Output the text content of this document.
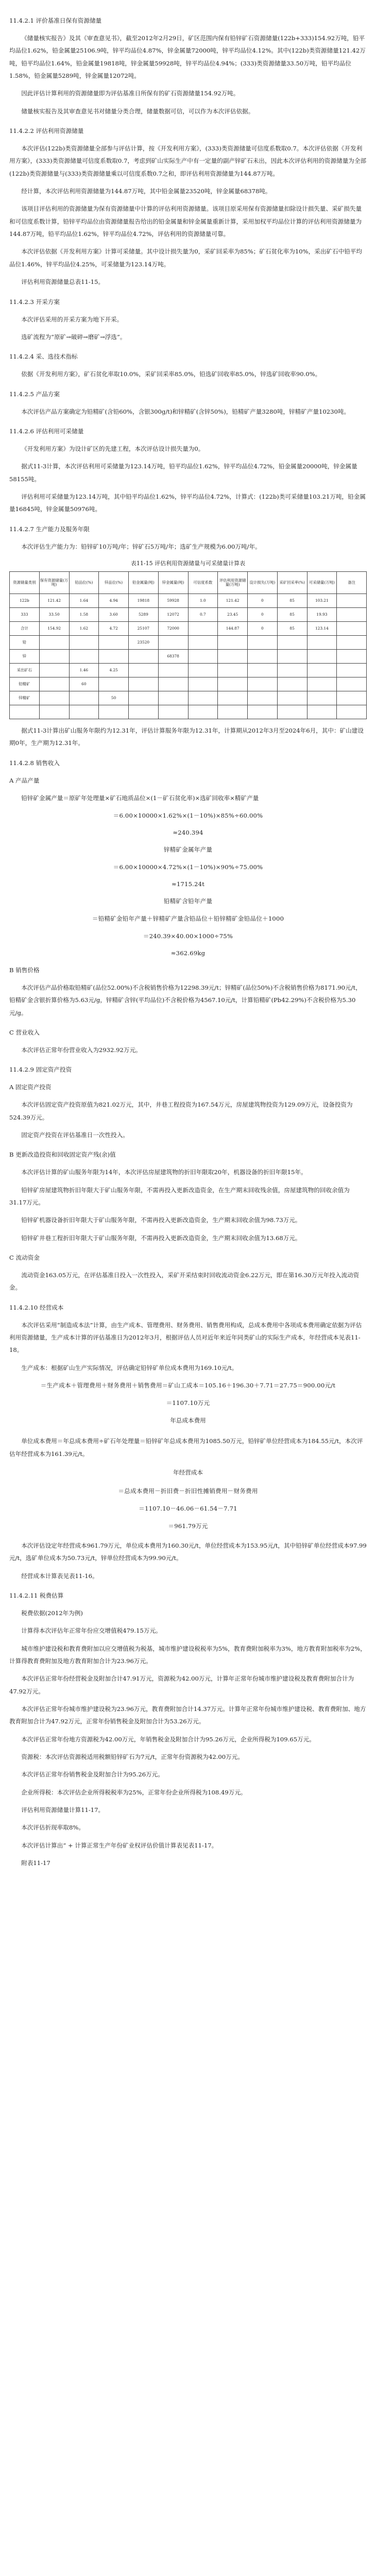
11.4.2.1 评价基准日保有资源储量

《储量核实报告》及其《审查意见书》，截至2012年2月29日，矿区范围内保有铅锌矿石资源储量(122b+333)154.92万吨，铅平均品位1.62%，铅金属量25106.9吨，锌平均品位4.87%，锌金属量72000吨，锌平均品位4.12%。其中(122b)类资源储量121.42万吨，铅平均品位1.64%，铅金属量19818吨，锌金属量59928吨，锌平均品位4.94%；(333)类资源储量33.50万吨，铅平均品位1.58%，铅金属量5289吨，锌金属量12072吨。

因此评估计算利用的资源储量即为评估基准日所保有的矿石资源储量154.92万吨。

储量核实报告及其审查意见书对储量分类合理，储量数据可信，可以作为本次评估依据。

11.4.2.2 评估利用资源储量

本次评估(122b)类资源储量全部参与评估计算，按《开发利用方案》，(333)类资源储量可信度系数取0.7。本次评估依据《开发利用方案》，(333)类资源储量可信度系数取0.7，考虑到矿山实际生产中有一定量的副产锌矿石未出，因此本次评估利用的资源储量为全部(122b)类资源储量与(333)类资源储量乘以可信度系数0.7之和，即评估利用资源储量为144.87万吨。

经计算，本次评估利用资源储量为144.87万吨，其中铅金属量23520吨，锌金属量68378吨。

该项目评估利用的资源储量为保有资源储量中计算的评估利用资源储量。该项目原采用保有资源储量扣除设计损失量、采矿损失量和可信度系数计算，铅锌平均品位由资源储量报告给出的铅金属量和锌金属量重新计算，采用加权平均品位计算的评估利用资源储量为144.87万吨，铅平均品位1.62%，锌平均品位4.72%，评估利用的资源储量可靠。

本次评估依据《开发利用方案》计算可采储量。其中设计损失量为0，采矿回采率为85%；矿石贫化率为10%，采出矿石中铅平均品位1.46%，锌平均品位4.25%，可采储量为123.14万吨。

评估利用资源储量总表11-15。

11.4.2.3 开采方案

本次评估采用的开采方案为地下开采。

选矿流程为“原矿→破碎→磨矿→浮选”。

11.4.2.4 采、选技术指标

依据《开发利用方案》，矿石贫化率取10.0%，采矿回采率85.0%，铅选矿回收率85.0%，锌选矿回收率90.0%。

11.4.2.5 产品方案

本次评估产品方案确定为铅精矿(含铅60%，含银300g/t)和锌精矿(含锌50%)，铅精矿产量3280吨，锌精矿产量10230吨。

11.4.2.6 评估利用可采储量

《开发利用方案》为设计矿区的先建工程，本次评估设计损失量为0。

据式11-3计算，本次评估利用可采储量为123.14万吨，铅平均品位1.62%，锌平均品位4.72%，铅金属量20000吨，锌金属量58155吨。

评估利用可采储量为123.14万吨，其中铅平均品位1.62%，锌平均品位4.72%，计算式：(122b)类可采储量103.21万吨，铅金属量16845吨，锌金属量50976吨。

11.4.2.7 生产能力及服务年限

本次评估生产能力为：铅锌矿10万吨/年；锌矿石5万吨/年；选矿生产规模为6.00万吨/年。

表11-15 评估利用资源储量与可采储量计算表
资源储量类别	保有资源储量(万吨)	铅品位(%)	锌品位(%)	铅金属量(吨)	锌金属量(吨)	可信度系数	评估利用资源储量(万吨)	设计损失(万吨)	采矿回采率(%)	可采储量(万吨)	备注
122b	121.42	1.64	4.94	19818	59928	1.0	121.42	0	85	103.21	
333	33.50	1.58	3.60	5289	12072	0.7	23.45	0	85	19.93	
合计	154.92	1.62	4.72	25107	72000		144.87	0	85	123.14	
铅				23520							
锌					68378						
采出矿石		1.46	4.25								
铅精矿		60									
锌精矿			50								

据式11-3计算出矿山服务年限约为12.31年，评估计算服务年限为12.31年，计算期从2012年3月至2024年6月，其中：矿山建设期0年，生产期为12.31年。

11.4.2.8 销售收入
A 产品产量

铅锌矿金属产量＝原矿年处理量×矿石地质品位×(1－矿石贫化率)×选矿回收率×精矿产量

＝6.00×10000×1.62%×(1－10%)×85%÷60.00%
≈240.394
锌精矿金属年产量
＝6.00×10000×4.72%×(1－10%)×90%÷75.00%
≈1715.24t
铅精矿含铅年产量
＝铅精矿金铅年产量＋锌精矿产量含铅品位＋铅锌精矿金铅品位＋1000
＝240.39×40.00×1000÷75%
≈362.69kg
B 销售价格

本次评估产品价格取铅精矿(品位52.00%)不含税销售价格为12298.39元/t；锌精矿(品位50%)不含税销售价格为8171.90元/t，铅精矿金含银折算价格为5.63元/g，锌精矿含锌(平均品位)不含税价格为4567.10元/t，计算铅精矿(Pb42.29%)不含税价格为5.30元/g。

C 营业收入

本次评估正常年份营业收入为2932.92万元。

11.4.2.9 固定资产投资
A 固定资产投资

本次评估固定资产投资原值为821.02万元，其中，井巷工程投资为167.54万元，房屋建筑物投资为129.09万元，设备投资为524.39万元。

固定资产投资在评估基准日一次性投入。

B 更新改造投资和回收固定资产残(余)值

本次评估计算的矿山服务年限为14年，本次评估房屋建筑物的折旧年限取20年，机器设备的折旧年限15年。

铅锌矿房屋建筑物折旧年限大于矿山服务年限，不需再投入更新改造资金，在生产期末回收残余值，房屋建筑物的回收余值为31.17万元。

铅锌矿机器设备折旧年限大于矿山服务年限，不需再投入更新改造资金，生产期末回收余值为98.73万元。

铅锌矿井巷工程折旧年限大于矿山服务年限，不需再投入更新改造资金，生产期末回收余值为13.68万元。

C 流动资金

流动资金163.05万元，在评估基准日投入一次性投入，采矿开采结束时回收流动资金6.22万元，即在第16.30万元年投入流动资金。

11.4.2.10 经营成本

本次评估采用“制造成本法”计算，由生产成本、管理费用、财务费用、销售费用构成，总成本费用中各项成本费用确定依据为评估利用资源储量，生产成本计算的评估基准日为2012年3月，根据评估人员对近年来近年同类矿山的实际生产成本，年经营成本见表11-18。

生产成本：根据矿山生产实际情况，评估确定铅锌矿单位成本费用为169.10元/t。

＝生产成本＋管理费用＋财务费用＋销售费用＝矿山工成本＝105.16＋196.30＋7.71＝27.75＝900.00元/t
＝1107.10万元
年总成本费用

单位成本费用＝年总成本费用÷矿石年处理量＝铅锌矿年总成本费用为1085.50万元，铅锌矿单位经营成本为184.55元/t，本次评估年经营成本为161.39元/t。

年经营成本
＝总成本费用－折旧费－折旧性摊销费用－财务费用
＝1107.10－46.06－61.54－7.71
＝961.79万元

本次评估设定年经营成本961.79万元，单位成本费用为160.30元/t，单位经营成本为153.95元/t，其中铅锌矿单位经营成本97.99元/t，选矿单位成本为50.73元/t，锌单位经营成本为99.90元/t。

经营成本计算表见表11-16。

11.4.2.11 税费估算

税费依据(2012年为例)

计算得本次评估年正常年份应交增值税479.15万元。

城市维护建设税和教育费附加以应交增值税为税基，城市维护建设税税率为5%，教育费附加税率为3%，地方教育附加税率为2%，计算得教育费附加及地方教育附加合计为23.96万元。

本次评估正常年份经营税金及附加合计47.91万元，资源税为42.00万元，计算年正常年份城市维护建设税及教育费附加合计为47.92万元。

本次评估正常年份城市维护建设税为23.96万元，教育费附加合计14.37万元。计算年正常年份城市维护建设税、教育费附加、地方教育附加合计为47.92万元，正常年份销售税金及附加合计为53.26万元。

本次评估正常年份地方资源税为42.00万元，年销售税金及附加合计为95.26万元，企业所得税为109.65万元。

资源税：本次评估资源税适用税额铅锌矿石为7元/t，正常年份资源税为42.00万元。

本次评估正常年份销售税金及附加合计为95.26万元。

企业所得税：本次评估企业所得税税率为25%，正常年份企业所得税为108.49万元。

评估利用资源储量计算11-17。

本次评估折现率取8%。

本次评估计算出“ + 计算正常生产年份矿业权评估价值计算表见表11-17。

附表11-17
